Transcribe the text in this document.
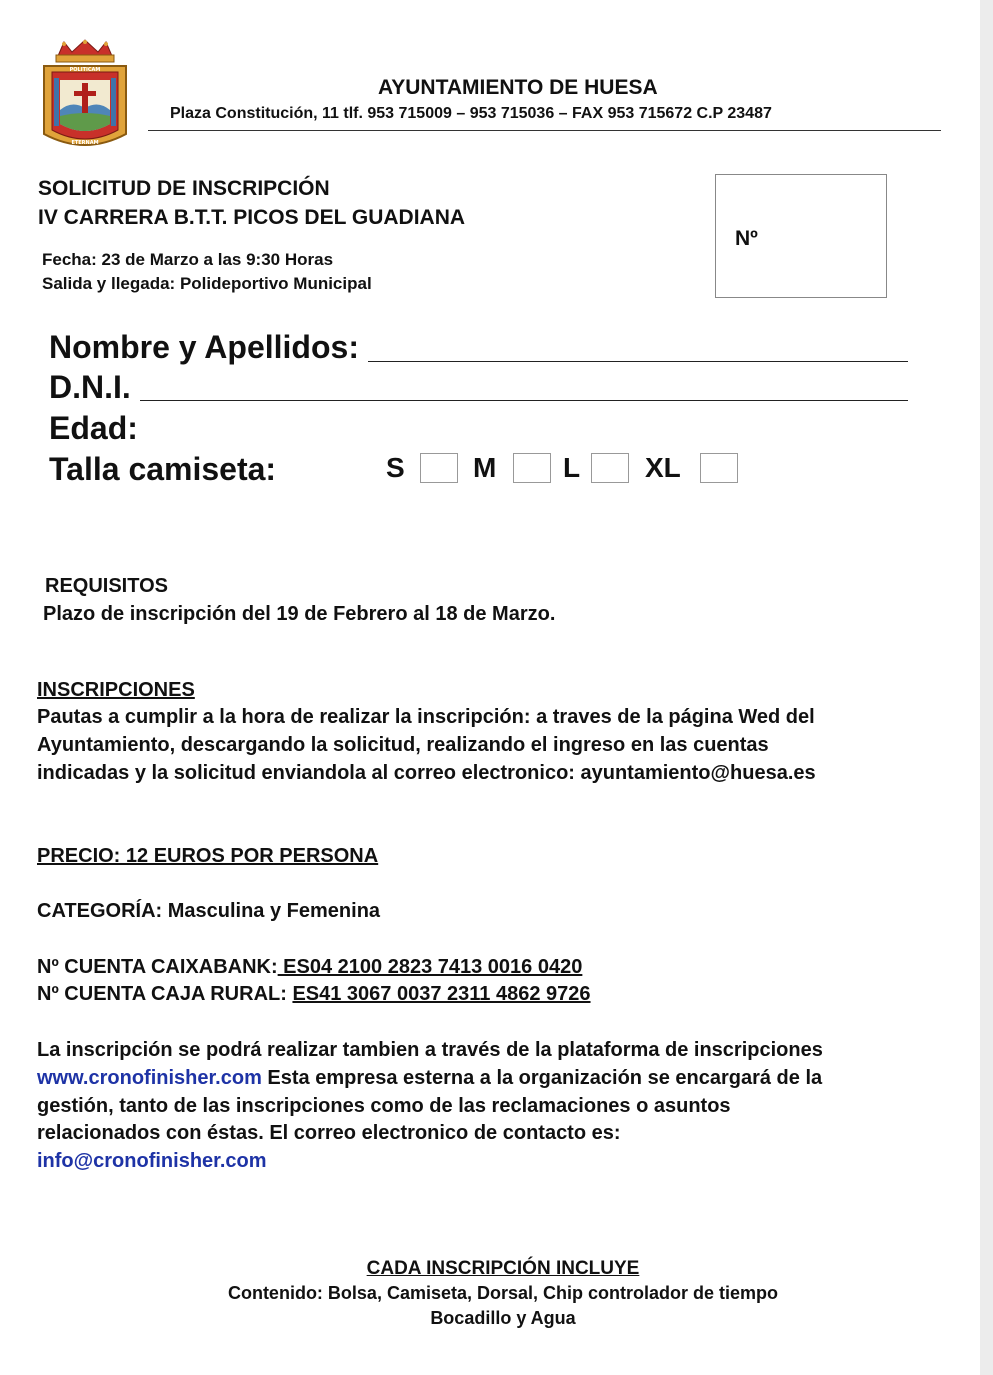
POLITICAM
ETERNAM
AYUNTAMIENTO DE HUESA
Plaza Constitución, 11 tlf. 953 715009 – 953 715036 – FAX 953 715672 C.P 23487
SOLICITUD DE INSCRIPCIÓN
IV CARRERA B.T.T. PICOS DEL GUADIANA
Fecha: 23 de Marzo a las 9:30 Horas
Salida y llegada: Polideportivo Municipal
Nº
Nombre y Apellidos:
D.N.I.
Edad:
Talla camiseta:	S M L XL
REQUISITOS
Plazo de inscripción del 19 de Febrero al 18 de Marzo.
INSCRIPCIONES
Pautas a cumplir a la hora de realizar la inscripción: a traves de la página Wed del
Ayuntamiento, descargando la solicitud, realizando el ingreso en las cuentas
indicadas y la solicitud enviandola al correo electronico: ayuntamiento@huesa.es
PRECIO: 12 EUROS POR PERSONA
CATEGORÍA: Masculina y Femenina
Nº CUENTA CAIXABANK: ES04 2100 2823 7413 0016 0420
Nº CUENTA CAJA RURAL: ES41 3067 0037 2311 4862 9726
La inscripción se podrá realizar tambien a través de la plataforma de inscripciones
www.cronofinisher.com Esta empresa esterna a la organización se encargará de la
gestión, tanto de las inscripciones como de las reclamaciones o asuntos
relacionados con éstas. El correo electronico de contacto es:
info@cronofinisher.com
CADA INSCRIPCIÓN INCLUYE
Contenido: Bolsa, Camiseta, Dorsal, Chip controlador de tiempo
Bocadillo y Agua
